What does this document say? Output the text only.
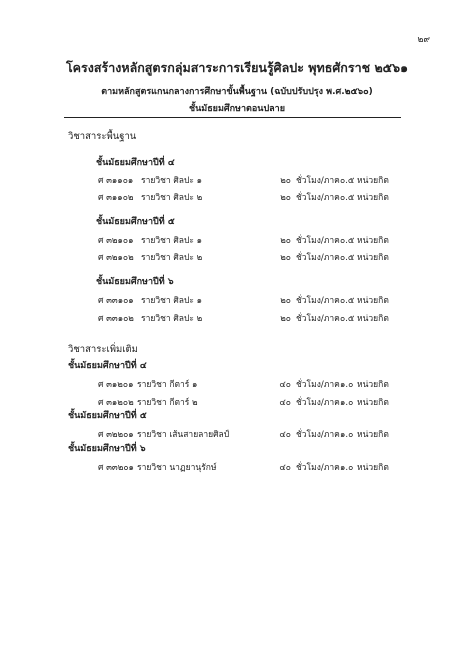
๒๙
โครงสร้างหลักสูตรกลุ่มสาระการเรียนรู้ศิลปะ พุทธศักราช ๒๕๖๑
ตามหลักสูตรแกนกลางการศึกษาขั้นพื้นฐาน (ฉบับปรับปรุง พ.ศ.๒๕๖๐)
ชั้นมัธยมศึกษาตอนปลาย
วิชาสาระพื้นฐาน
ชั้นมัธยมศึกษาปีที่ ๔
ศ ๓๑๑๐๑ รายวิชา ศิลปะ ๑	๒๐ ชั่วโมง/ภาค ๐.๕ หน่วยกิต
ศ ๓๑๑๐๒ รายวิชา ศิลปะ ๒	๒๐ ชั่วโมง/ภาค ๐.๕ หน่วยกิต
ชั้นมัธยมศึกษาปีที่ ๕
ศ ๓๒๑๐๑ รายวิชา ศิลปะ ๑	๒๐ ชั่วโมง/ภาค ๐.๕ หน่วยกิต
ศ ๓๒๑๐๒ รายวิชา ศิลปะ ๒	๒๐ ชั่วโมง/ภาค ๐.๕ หน่วยกิต
ชั้นมัธยมศึกษาปีที่ ๖
ศ ๓๓๑๐๑ รายวิชา ศิลปะ ๑	๒๐ ชั่วโมง/ภาค ๐.๕ หน่วยกิต
ศ ๓๓๑๐๒ รายวิชา ศิลปะ ๒	๒๐ ชั่วโมง/ภาค ๐.๕ หน่วยกิต
วิชาสาระเพิ่มเติม
ชั้นมัธยมศึกษาปีที่ ๔
ศ ๓๑๒๐๑ รายวิชา กีตาร์ ๑	๔๐ ชั่วโมง/ภาค ๑.๐ หน่วยกิต
ศ ๓๑๒๐๒ รายวิชา กีตาร์ ๒	๔๐ ชั่วโมง/ภาค ๑.๐ หน่วยกิต
ชั้นมัธยมศึกษาปีที่ ๕
ศ ๓๒๒๐๑ รายวิชา เส้นสายลายศิลป์	๔๐ ชั่วโมง/ภาค ๑.๐ หน่วยกิต
ชั้นมัธยมศึกษาปีที่ ๖
ศ ๓๓๒๐๑ รายวิชา นาฏยานุรักษ์	๔๐ ชั่วโมง/ภาค ๑.๐ หน่วยกิต
